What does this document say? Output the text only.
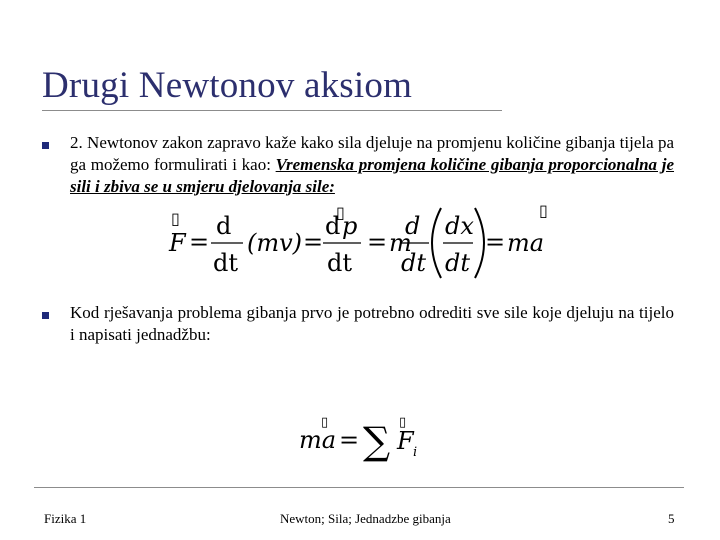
Drugi Newtonov aksiom
2. Newtonov zakon zapravo kaže kako sila djeluje na promjenu količine gibanja tijela pa ga možemo formulirati i kao: Vremenska promjena količine gibanja proporcionalna je sili i zbiva se u smjeru djelovanja sile:
▯
F =
d
dt
(mv) =
▯
d p
dt
= m
d
dt
dx
dt
=
▯
ma
Kod rješavanja problema gibanja prvo je potrebno odrediti sve sile koje djeluju na tijelo i napisati jednadžbu:
▯
ma = ∑ ▯
F i
Fizika 1	Newton; Sila; Jednadzbe gibanja	5
